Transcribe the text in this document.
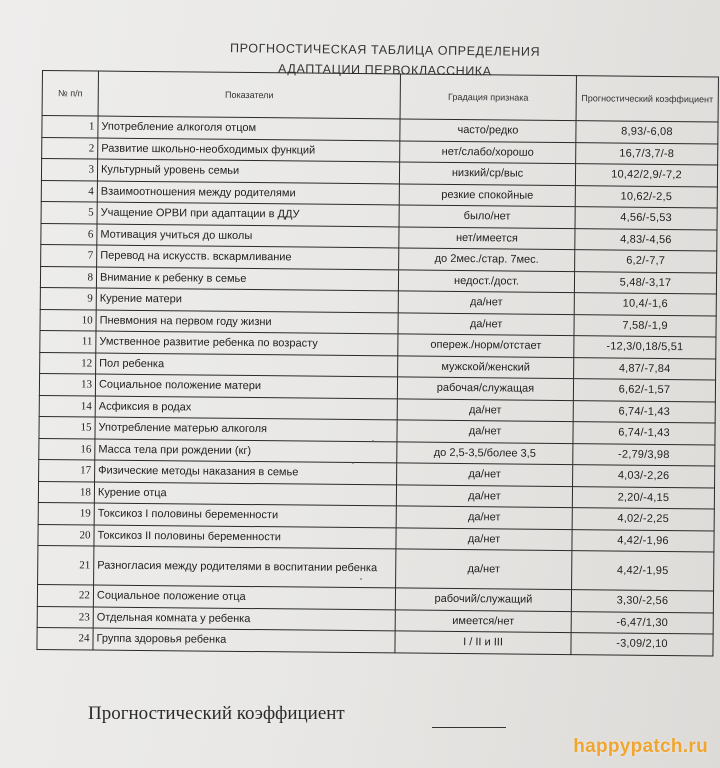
ПРОГНОСТИЧЕСКАЯ ТАБЛИЦА ОПРЕДЕЛЕНИЯ
АДАПТАЦИИ ПЕРВОКЛАССНИКА
№ п/п	Показатели	Градация признака	Прогностический коэффициент
1	Употребление алкоголя отцом	часто/редко	8,93/-6,08
2	Развитие школьно-необходимых функций	нет/слабо/хорошо	16,7/3,7/-8
3	Культурный уровень семьи	низкий/ср/выс	10,42/2,9/-7,2
4	Взаимоотношения между родителями	резкие спокойные	10,62/-2,5
5	Учащение ОРВИ при адаптации в ДДУ	было/нет	4,56/-5,53
6	Мотивация учиться до школы	нет/имеется	4,83/-4,56
7	Перевод на искусств. вскармливание	до 2мес./стар. 7мес.	6,2/-7,7
8	Внимание к ребенку в семье	недост./дост.	5,48/-3,17
9	Курение матери	да/нет	10,4/-1,6
10	Пневмония на первом году жизни	да/нет	7,58/-1,9
11	Умственное развитие ребенка по возрасту	опереж./норм/отстает	-12,3/0,18/5,51
12	Пол ребенка	мужской/женский	4,87/-7,84
13	Социальное положение матери	рабочая/служащая	6,62/-1,57
14	Асфиксия в родах	да/нет	6,74/-1,43
15	Употребление матерью алкоголя	да/нет	6,74/-1,43
16	Масса тела при рождении (кг)	до 2,5-3,5/более 3,5	-2,79/3,98
17	Физические методы наказания в семье	да/нет	4,03/-2,26
18	Курение отца	да/нет	2,20/-4,15
19	Токсикоз I половины беременности	да/нет	4,02/-2,25
20	Токсикоз II половины беременности	да/нет	4,42/-1,96
21	Разногласия между родителями в воспитании ребенка	да/нет	4,42/-1,95
22	Социальное положение отца	рабочий/служащий	3,30/-2,56
23	Отдельная комната у ребенка	имеется/нет	-6,47/1,30
24	Группа здоровья ребенка	I / II и III	-3,09/2,10
Прогностический коэффициент
happypatch.ru
